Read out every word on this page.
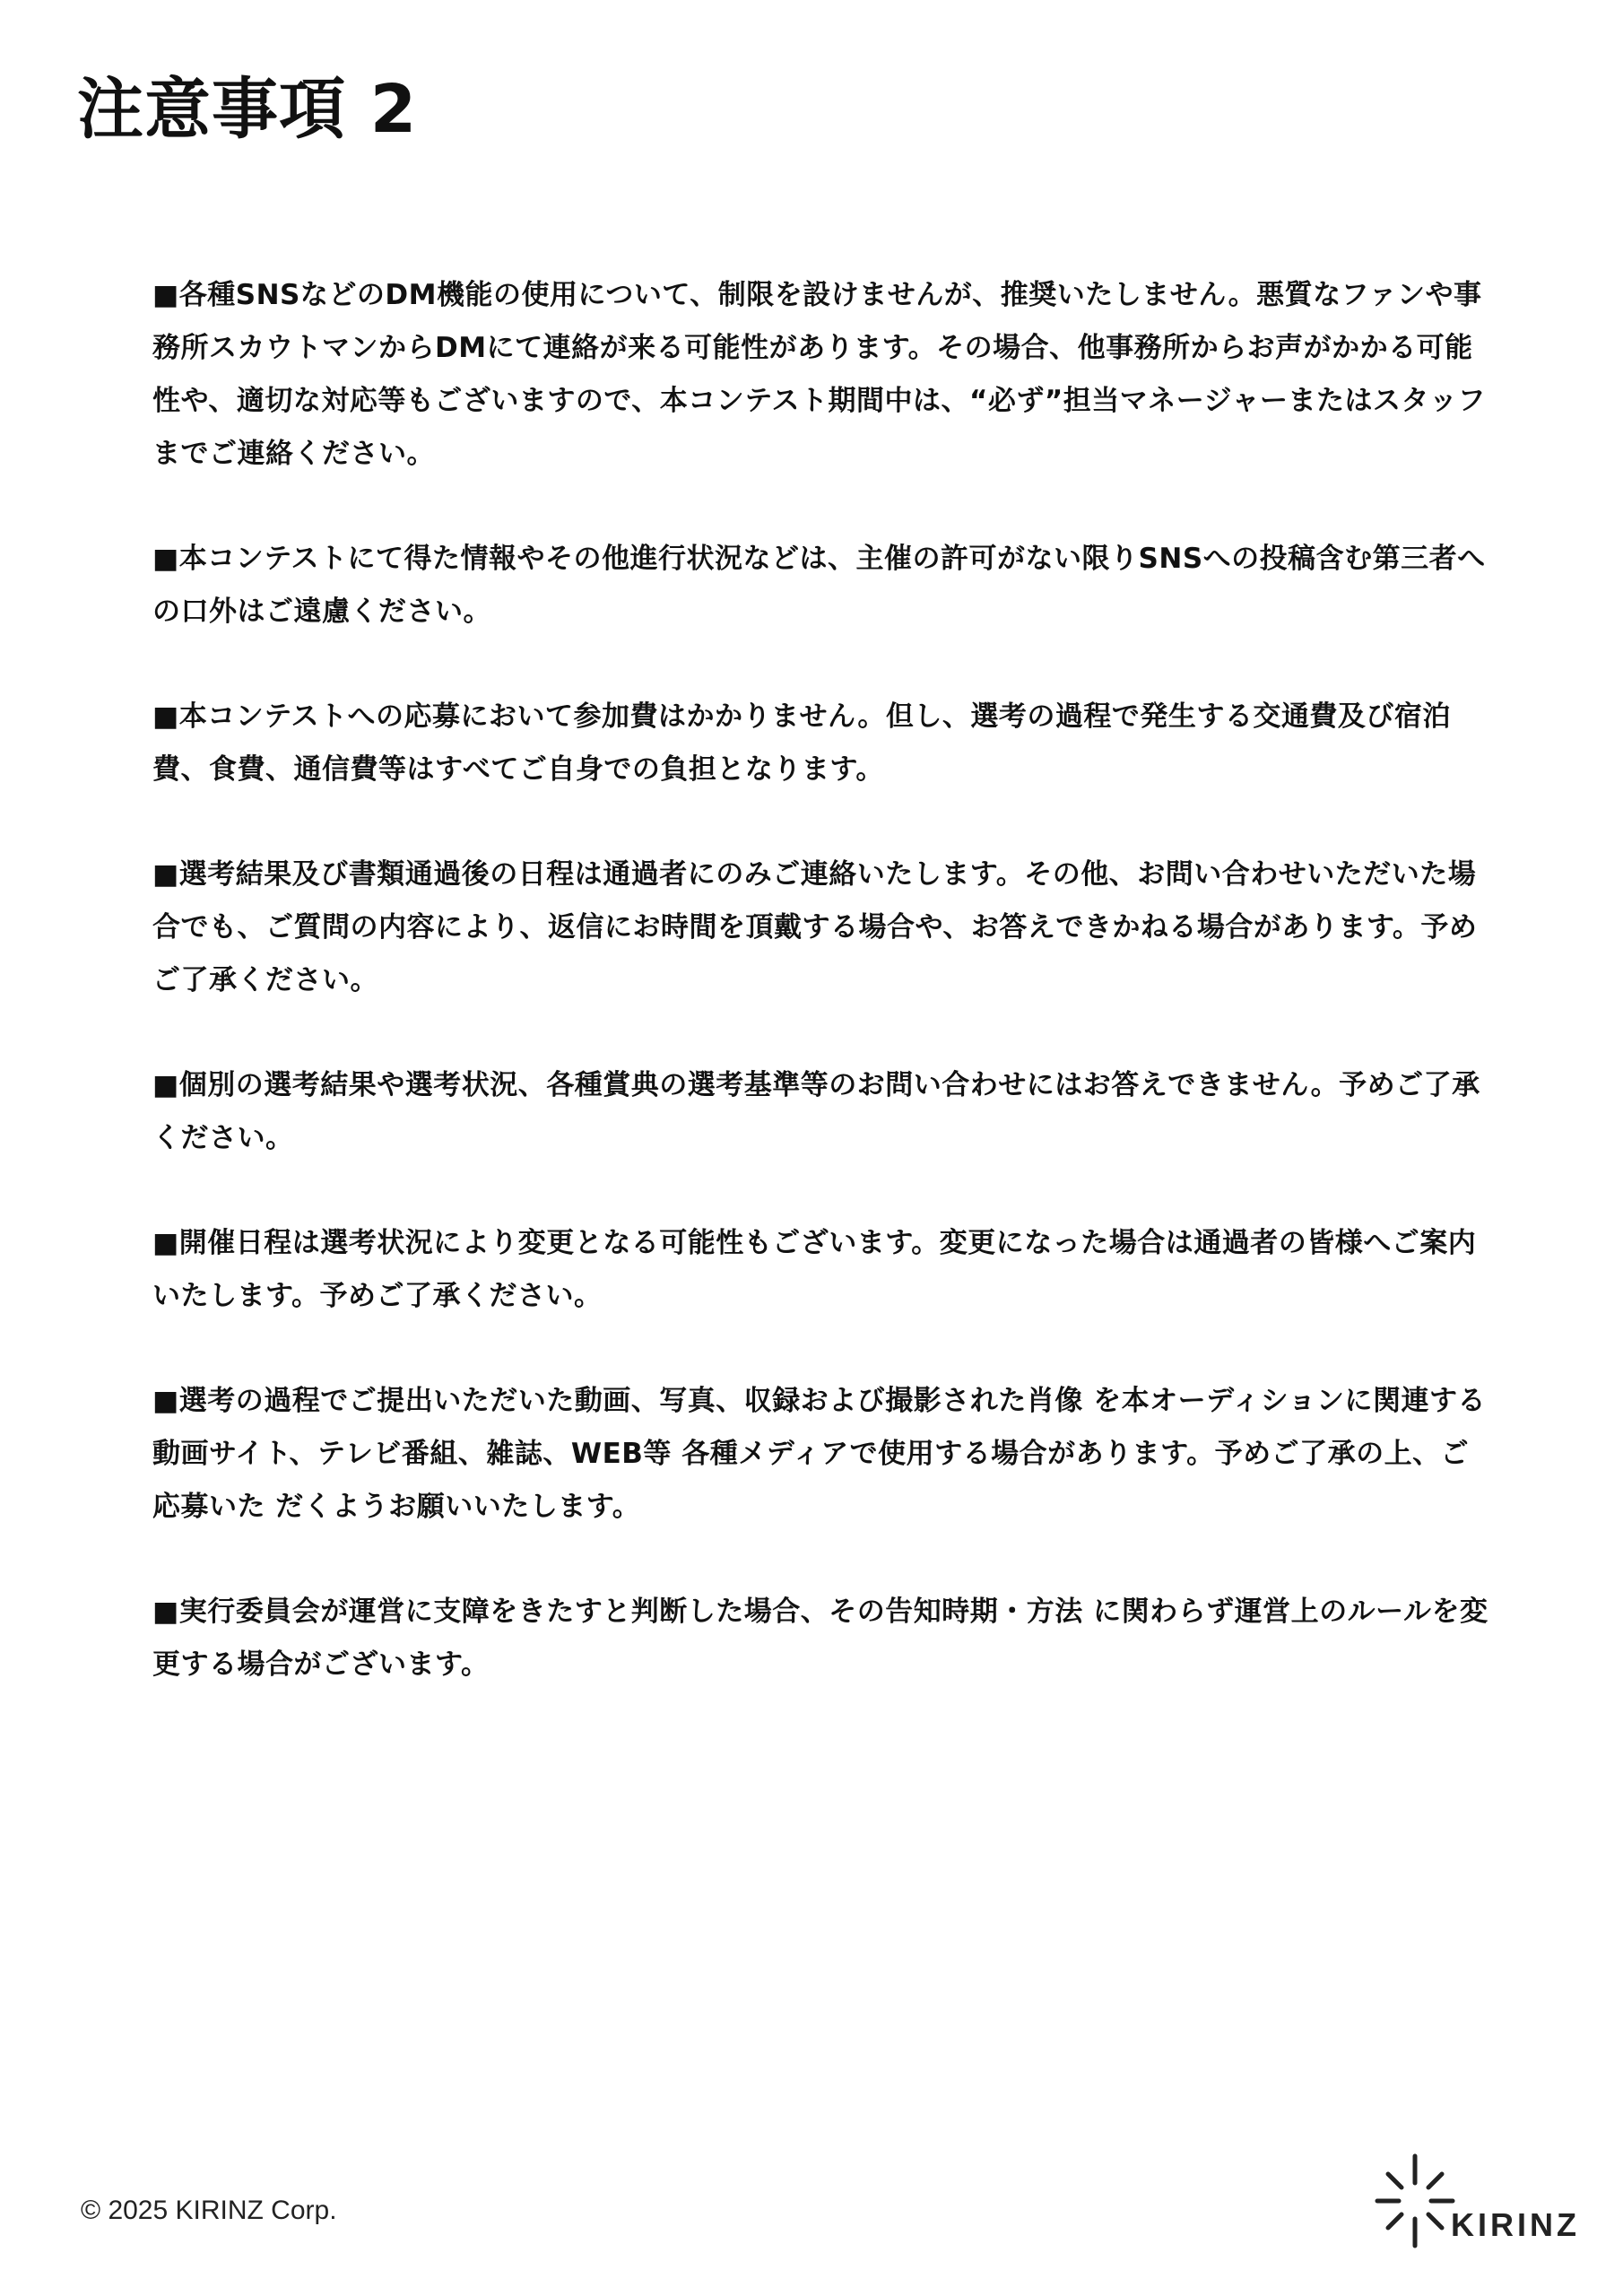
注意事項 2
■各種SNSなどのDM機能の使用について、制限を設けませんが、推奨いたしません。悪質なファンや事務所スカウトマンからDMにて連絡が来る可能性があります。その場合、他事務所からお声がかかる可能性や、適切な対応等もございますので、本コンテスト期間中は、“必ず”担当マネージャーまたはスタッフまでご連絡ください。
■本コンテストにて得た情報やその他進行状況などは、主催の許可がない限りSNSへの投稿含む第三者への口外はご遠慮ください。
■本コンテストへの応募において参加費はかかりません。但し、選考の過程で発生する交通費及び宿泊費、食費、通信費等はすべてご自身での負担となります。
■選考結果及び書類通過後の日程は通過者にのみご連絡いたします。その他、お問い合わせいただいた場合でも、ご質問の内容により、返信にお時間を頂戴する場合や、お答えできかねる場合があります。予めご了承ください。
■個別の選考結果や選考状況、各種賞典の選考基準等のお問い合わせにはお答えできません。予めご了承ください。
■開催日程は選考状況により変更となる可能性もございます。変更になった場合は通過者の皆様へご案内いたします。予めご了承ください。
■選考の過程でご提出いただいた動画、写真、収録および撮影された肖像 を本オーディションに関連する動画サイト、テレビ番組、雑誌、WEB等 各種メディアで使用する場合があります。予めご了承の上、ご応募いた だくようお願いいたします。
■実行委員会が運営に支障をきたすと判断した場合、その告知時期・方法 に関わらず運営上のルールを変更する場合がございます。
© 2025 KIRINZ Corp.	KIRINZ
